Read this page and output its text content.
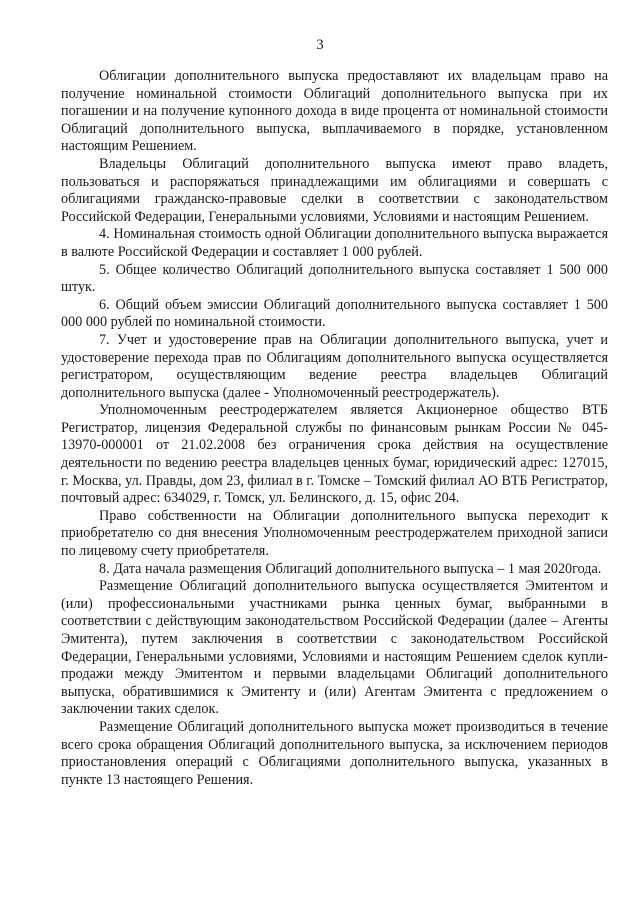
3

Облигации дополнительного выпуска предоставляют их владельцам право на получение номинальной стоимости Облигаций дополнительного выпуска при их погашении и на получение купонного дохода в виде процента от номинальной стоимости Облигаций дополнительного выпуска, выплачиваемого в порядке, установленном настоящим Решением.

Владельцы Облигаций дополнительного выпуска имеют право владеть, пользоваться и распоряжаться принадлежащими им облигациями и совершать с облигациями гражданско-правовые сделки в соответствии с законодательством Российской Федерации, Генеральными условиями, Условиями и настоящим Решением.

4. Номинальная стоимость одной Облигации дополнительного выпуска выражается в валюте Российской Федерации и составляет 1 000 рублей.

5. Общее количество Облигаций дополнительного выпуска составляет 1 500 000 штук.

6. Общий объем эмиссии Облигаций дополнительного выпуска составляет 1 500 000 000 рублей по номинальной стоимости.

7. Учет и удостоверение прав на Облигации дополнительного выпуска, учет и удостоверение перехода прав по Облигациям дополнительного выпуска осуществляется регистратором, осуществляющим ведение реестра владельцев Облигаций дополнительного выпуска (далее - Уполномоченный реестродержатель).

Уполномоченным реестродержателем является Акционерное общество ВТБ Регистратор, лицензия Федеральной службы по финансовым рынкам России № 045-13970-000001 от 21.02.2008 без ограничения срока действия на осуществление деятельности по ведению реестра владельцев ценных бумаг, юридический адрес: 127015, г. Москва, ул. Правды, дом 23, филиал в г. Томске – Томский филиал АО ВТБ Регистратор, почтовый адрес: 634029, г. Томск, ул. Белинского, д. 15, офис 204.

Право собственности на Облигации дополнительного выпуска переходит к приобретателю со дня внесения Уполномоченным реестродержателем приходной записи по лицевому счету приобретателя.

8. Дата начала размещения Облигаций дополнительного выпуска – 1 мая 2020года.

Размещение Облигаций дополнительного выпуска осуществляется Эмитентом и (или) профессиональными участниками рынка ценных бумаг, выбранными в соответствии с действующим законодательством Российской Федерации (далее – Агенты Эмитента), путем заключения в соответствии с законодательством Российской Федерации, Генеральными условиями, Условиями и настоящим Решением сделок купли-продажи между Эмитентом и первыми владельцами Облигаций дополнительного выпуска, обратившимися к Эмитенту и (или) Агентам Эмитента с предложением о заключении таких сделок.

Размещение Облигаций дополнительного выпуска может производиться в течение всего срока обращения Облигаций дополнительного выпуска, за исключением периодов приостановления операций с Облигациями дополнительного выпуска, указанных в пункте 13 настоящего Решения.
